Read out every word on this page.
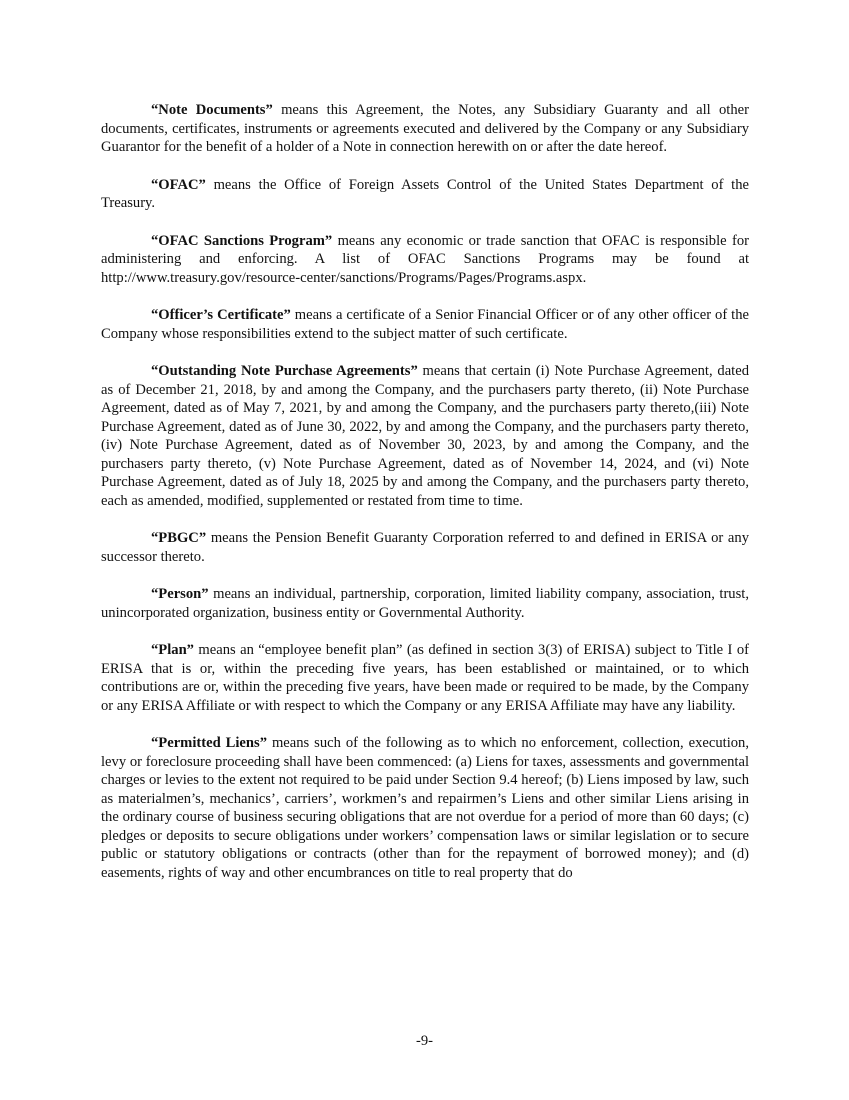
“Note Documents” means this Agreement, the Notes, any Subsidiary Guaranty and all other documents, certificates, instruments or agreements executed and delivered by the Company or any Subsidiary Guarantor for the benefit of a holder of a Note in connection herewith on or after the date hereof.

“OFAC” means the Office of Foreign Assets Control of the United States Department of the Treasury.

“OFAC Sanctions Program” means any economic or trade sanction that OFAC is responsible for administering and enforcing. A list of OFAC Sanctions Programs may be found at http://www.treasury.gov/resource-center/sanctions/Programs/Pages/Programs.aspx.

“Officer’s Certificate” means a certificate of a Senior Financial Officer or of any other officer of the Company whose responsibilities extend to the subject matter of such certificate.

“Outstanding Note Purchase Agreements” means that certain (i) Note Purchase Agreement, dated as of December 21, 2018, by and among the Company, and the purchasers party thereto, (ii) Note Purchase Agreement, dated as of May 7, 2021, by and among the Company, and the purchasers party thereto,(iii) Note Purchase Agreement, dated as of June 30, 2022, by and among the Company, and the purchasers party thereto, (iv) Note Purchase Agreement, dated as of November 30, 2023, by and among the Company, and the purchasers party thereto, (v) Note Purchase Agreement, dated as of November 14, 2024, and (vi) Note Purchase Agreement, dated as of July 18, 2025 by and among the Company, and the purchasers party thereto, each as amended, modified, supplemented or restated from time to time.

“PBGC” means the Pension Benefit Guaranty Corporation referred to and defined in ERISA or any successor thereto.

“Person” means an individual, partnership, corporation, limited liability company, association, trust, unincorporated organization, business entity or Governmental Authority.

“Plan” means an “employee benefit plan” (as defined in section 3(3) of ERISA) subject to Title I of ERISA that is or, within the preceding five years, has been established or maintained, or to which contributions are or, within the preceding five years, have been made or required to be made, by the Company or any ERISA Affiliate or with respect to which the Company or any ERISA Affiliate may have any liability.

“Permitted Liens” means such of the following as to which no enforcement, collection, execution, levy or foreclosure proceeding shall have been commenced: (a) Liens for taxes, assessments and governmental charges or levies to the extent not required to be paid under Section 9.4 hereof; (b) Liens imposed by law, such as materialmen’s, mechanics’, carriers’, workmen’s and repairmen’s Liens and other similar Liens arising in the ordinary course of business securing obligations that are not overdue for a period of more than 60 days; (c) pledges or deposits to secure obligations under workers’ compensation laws or similar legislation or to secure public or statutory obligations or contracts (other than for the repayment of borrowed money); and (d) easements, rights of way and other encumbrances on title to real property that do

-9-
